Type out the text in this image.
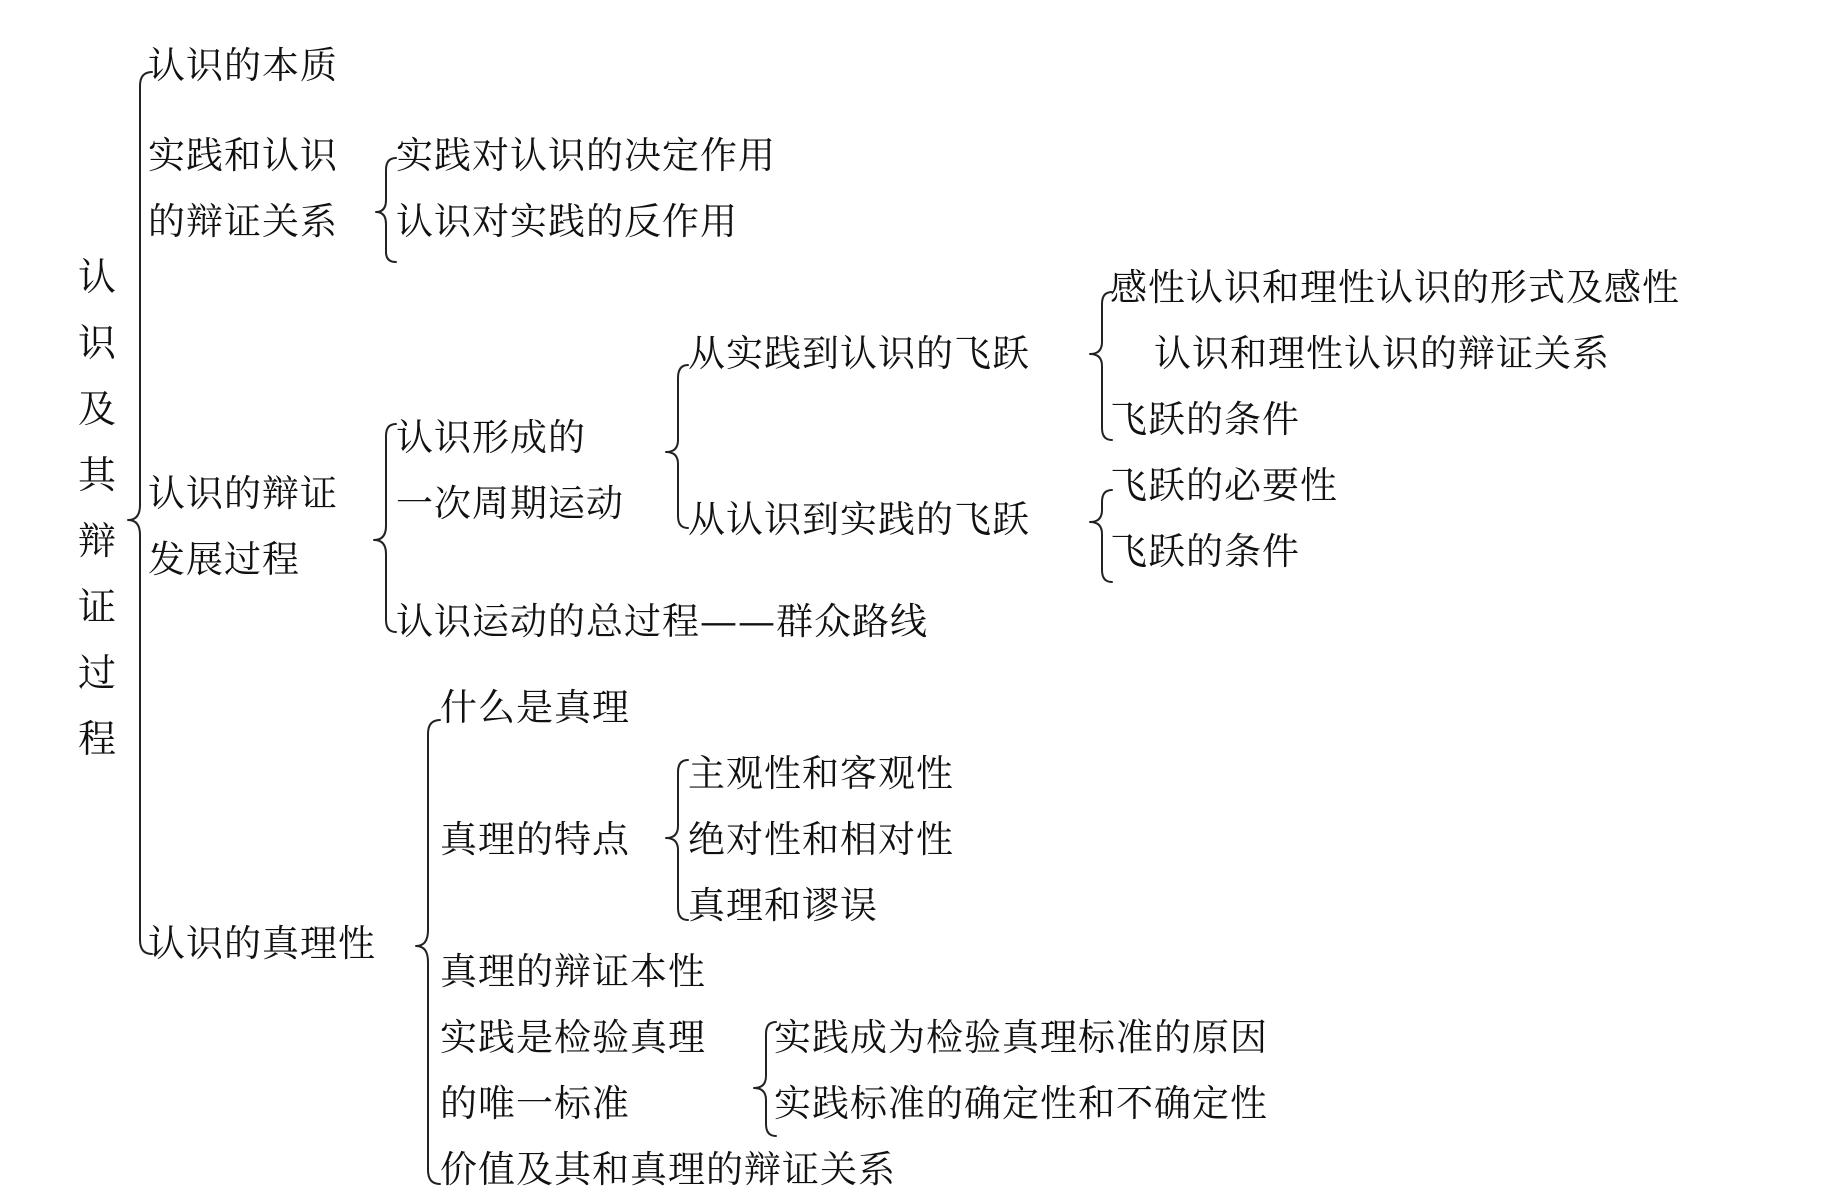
认
识
及
其
辩
证
过
程
认识的本质
实践和认识
的辩证关系
认识的辩证
发展过程
认识的真理性
实践对认识的决定作用
认识对实践的反作用
认识形成的
一次周期运动
认识运动的总过程——群众路线
从实践到认识的飞跃
从认识到实践的飞跃
感性认识和理性认识的形式及感性
认识和理性认识的辩证关系
飞跃的条件
飞跃的必要性
飞跃的条件
什么是真理
真理的特点
真理的辩证本性
实践是检验真理
的唯一标准
价值及其和真理的辩证关系
主观性和客观性
绝对性和相对性
真理和谬误
实践成为检验真理标准的原因
实践标准的确定性和不确定性
